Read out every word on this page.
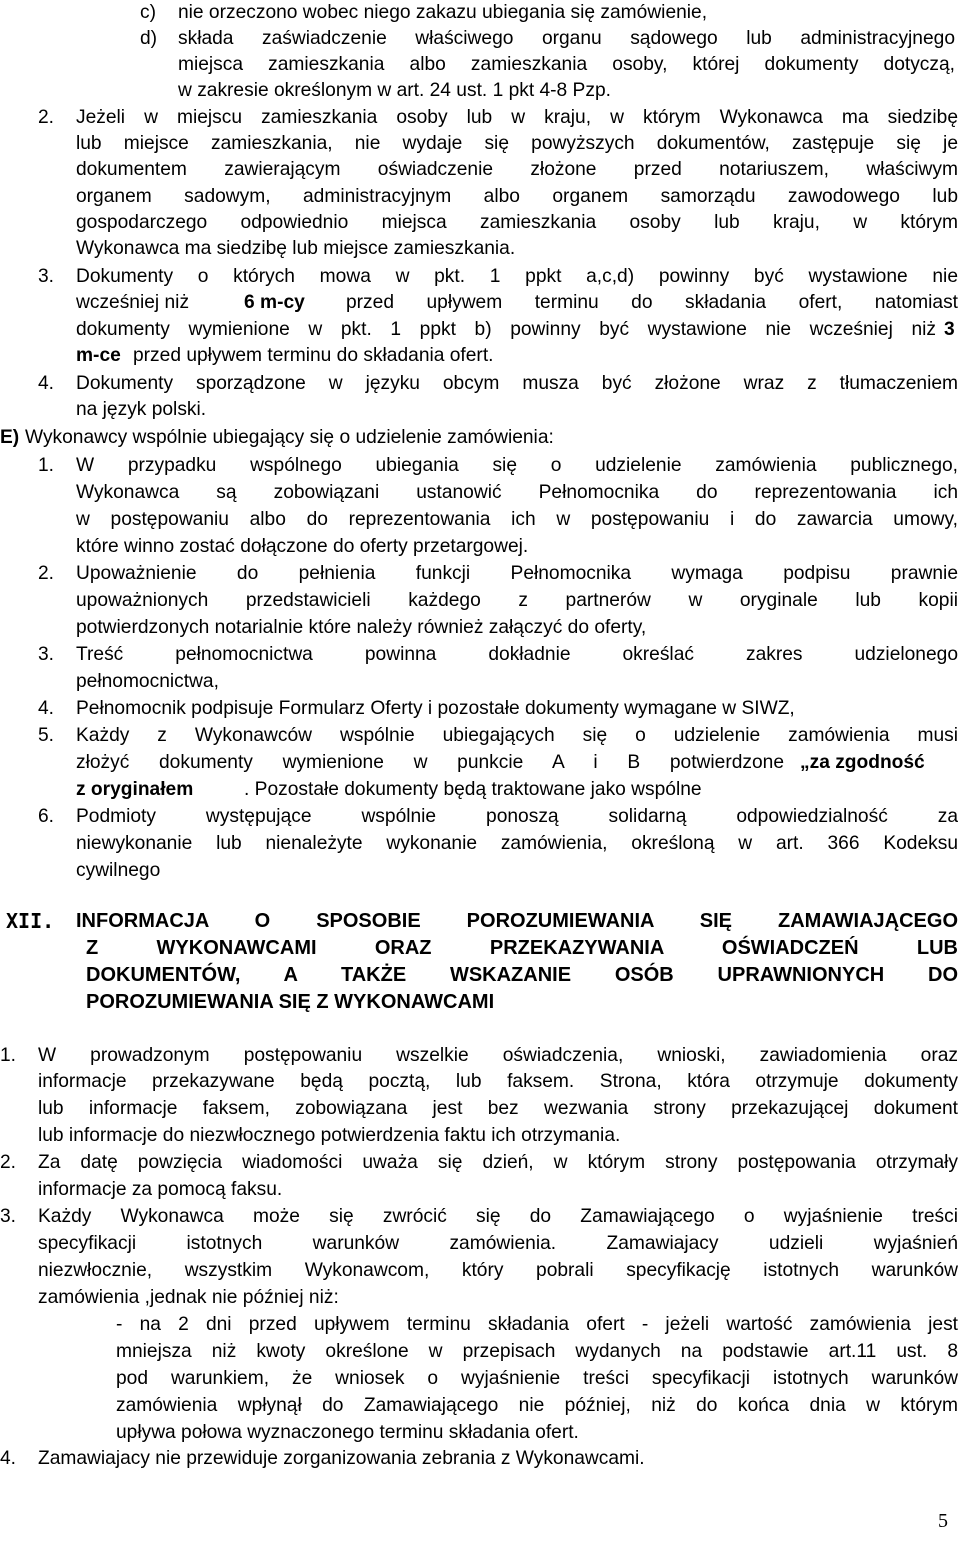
c) nie orzeczono wobec niego zakazu ubiegania się zamówienie,
d) składa zaświadczenie właściwego organu sądowego lub administracyjnego
miejsca zamieszkania albo zamieszkania osoby, której dokumenty dotyczą,
w zakresie określonym w art. 24 ust. 1 pkt 4-8 Pzp.
2. Jeżeli w miejscu zamieszkania osoby lub w kraju, w którym Wykonawca ma siedzibę
lub miejsce zamieszkania, nie wydaje się powyższych dokumentów, zastępuje się je
dokumentem zawierającym oświadczenie złożone przed notariuszem, właściwym
organem sadowym, administracyjnym albo organem samorządu zawodowego lub
gospodarczego odpowiednio miejsca zamieszkania osoby lub kraju, w którym
Wykonawca ma siedzibę lub miejsce zamieszkania.
3. Dokumenty o których mowa w pkt. 1 ppkt a,c,d) powinny być wystawione nie
wcześniej niż	6 m-cy przed upływem terminu do składania ofert, natomiast
dokumenty wymienione w pkt. 1 ppkt b) powinny być wystawione nie wcześniej niż 3
m-ce przed upływem terminu do składania ofert.
4. Dokumenty sporządzone w języku obcym musza być złożone wraz z tłumaczeniem
na język polski.
E) Wykonawcy wspólnie ubiegający się o udzielenie zamówienia:
1. W przypadku wspólnego ubiegania się o udzielenie zamówienia publicznego,
Wykonawca są zobowiązani ustanowić Pełnomocnika do reprezentowania ich
w postępowaniu albo do reprezentowania ich w postępowaniu i do zawarcia umowy,
które winno zostać dołączone do oferty przetargowej.
2. Upoważnienie do pełnienia funkcji Pełnomocnika wymaga podpisu prawnie
upoważnionych przedstawicieli każdego z partnerów w oryginale lub kopii
potwierdzonych notarialnie które należy również załączyć do oferty,
3. Treść pełnomocnictwa powinna dokładnie określać zakres udzielonego
pełnomocnictwa,
4. Pełnomocnik podpisuje Formularz Oferty i pozostałe dokumenty wymagane w SIWZ,
5. Każdy z Wykonawców wspólnie ubiegających się o udzielenie zamówienia musi
złożyć dokumenty wymienione w punkcie A i B potwierdzone „za zgodność
z oryginałem	. Pozostałe dokumenty będą traktowane jako wspólne
6. Podmioty występujące wspólnie ponoszą solidarną odpowiedzialność za
niewykonanie lub nienależyte wykonanie zamówienia, określoną w art. 366 Kodeksu
cywilnego
XII. INFORMACJA O SPOSOBIE POROZUMIEWANIA SIĘ ZAMAWIAJĄCEGO
Z WYKONAWCAMI ORAZ PRZEKAZYWANIA OŚWIADCZEŃ LUB
DOKUMENTÓW, A TAKŻE WSKAZANIE OSÓB UPRAWNIONYCH DO
POROZUMIEWANIA SIĘ Z WYKONAWCAMI
1. W prowadzonym postępowaniu wszelkie oświadczenia, wnioski, zawiadomienia oraz
informacje przekazywane będą pocztą, lub faksem. Strona, która otrzymuje dokumenty
lub informacje faksem, zobowiązana jest bez wezwania strony przekazującej dokument
lub informacje do niezwłocznego potwierdzenia faktu ich otrzymania.
2. Za datę powzięcia wiadomości uważa się dzień, w którym strony postępowania otrzymały
informacje za pomocą faksu.
3. Każdy Wykonawca może się zwrócić się do Zamawiającego o wyjaśnienie treści
specyfikacji istotnych warunków zamówienia. Zamawiajacy udzieli wyjaśnień
niezwłocznie, wszystkim Wykonawcom, który pobrali specyfikację istotnych warunków
zamówienia ,jednak nie później niż:
- na 2 dni przed upływem terminu składania ofert - jeżeli wartość zamówienia jest
mniejsza niż kwoty określone w przepisach wydanych na podstawie art.11 ust. 8
pod warunkiem, że wniosek o wyjaśnienie treści specyfikacji istotnych warunków
zamówienia wpłynął do Zamawiającego nie później, niż do końca dnia w którym
upływa połowa wyznaczonego terminu składania ofert.
4. Zamawiajacy nie przewiduje zorganizowania zebrania z Wykonawcami.
5
